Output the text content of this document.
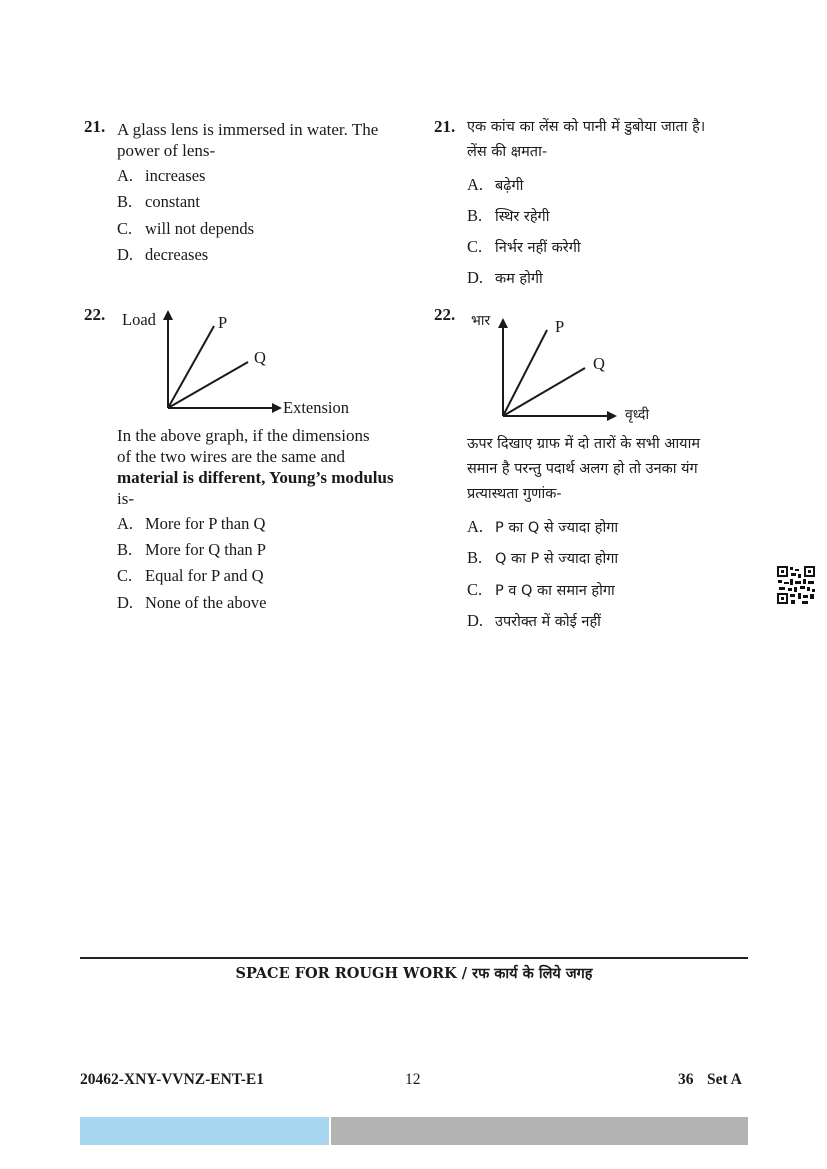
21. A glass lens is immersed in water. The
power of lens-
A. increases
B. constant
C. will not depends
D. decreases
21. एक कांच का लेंस को पानी में डुबोया जाता है।
लेंस की क्षमता-
A. बढ़ेगी
B. स्थिर रहेगी
C. निर्भर नहीं करेगी
D. कम होगी
22. Load	P
Q
Extension
In the above graph, if the dimensions
of the two wires are the same and
material is different, Young’s modulus
is-
A. More for P than Q
B. More for Q than P
C. Equal for P and Q
D. None of the above
22. भार	P
Q
वृध्दी
ऊपर दिखाए ग्राफ में दो तारों के सभी आयाम
समान है परन्तु पदार्थ अलग हो तो उनका यंग
प्रत्यास्थता गुणांक-
A. P का Q से ज्यादा होगा
B. Q का P से ज्यादा होगा
C. P व Q का समान होगा
D. उपरोक्त में कोई नहीं
SPACE FOR ROUGH WORK / रफ कार्य के लिये जगह
20462-XNY-VVNZ-ENT-E1	12	36 Set A
